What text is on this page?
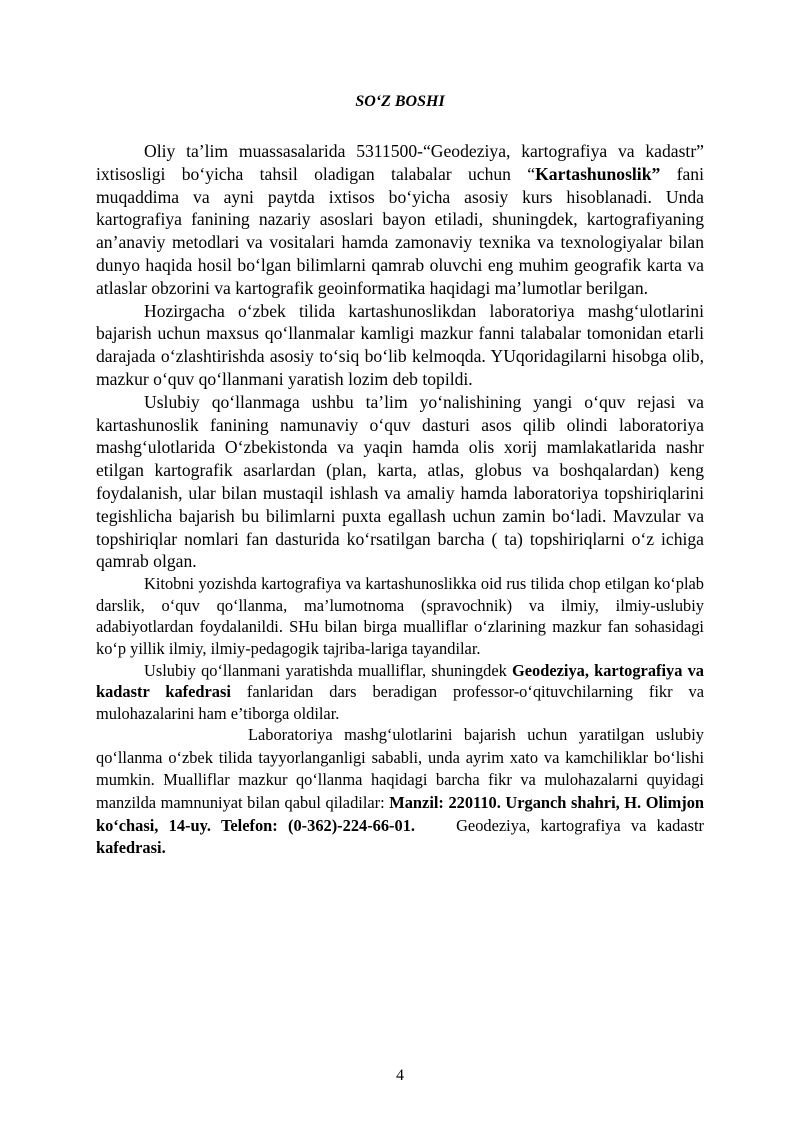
SO‘Z BOSHI

Oliy ta’lim muassasalarida 5311500-“Geodeziya, kartografiya va kadastr” ixtisosligi bo‘yicha tahsil oladigan talabalar uchun “Kartashunoslik” fani muqaddima va ayni paytda ixtisos bo‘yicha asosiy kurs hisoblanadi. Unda kartografiya fanining nazariy asoslari bayon etiladi, shuningdek, kartografiyaning an’anaviy metodlari va vositalari hamda zamonaviy texnika va texnologiyalar bilan dunyo haqida hosil bo‘lgan bilimlarni qamrab oluvchi eng muhim geografik karta va atlaslar obzorini va kartografik geoinformatika haqidagi ma’lumotlar berilgan.

Hozirgacha o‘zbek tilida kartashunoslikdan laboratoriya mashg‘ulotlarini bajarish uchun maxsus qo‘llanmalar kamligi mazkur fanni talabalar tomonidan etarli darajada o‘zlashtirishda asosiy to‘siq bo‘lib kelmoqda. YUqoridagilarni hisobga olib, mazkur o‘quv qo‘llanmani yaratish lozim deb topildi.

Uslubiy qo‘llanmaga ushbu ta’lim yo‘nalishining yangi o‘quv rejasi va kartashunoslik fanining namunaviy o‘quv dasturi asos qilib olindi laboratoriya mashg‘ulotlarida O‘zbekistonda va yaqin hamda olis xorij mamlakatlarida nashr etilgan kartografik asarlardan (plan, karta, atlas, globus va boshqalardan) keng foydalanish, ular bilan mustaqil ishlash va amaliy hamda laboratoriya topshiriqlarini tegishlicha bajarish bu bilimlarni puxta egallash uchun zamin bo‘ladi. Mavzular va topshiriqlar nomlari fan dasturida ko‘rsatilgan barcha ( ta) topshiriqlarni o‘z ichiga qamrab olgan.

Kitobni yozishda kartografiya va kartashunoslikka oid rus tilida chop etilgan ko‘plab darslik, o‘quv qo‘llanma, ma’lumotnoma (spravochnik) va ilmiy, ilmiy-uslubiy adabiyotlardan foydalanildi. SHu bilan birga mualliflar o‘zlarining mazkur fan sohasidagi ko‘p yillik ilmiy, ilmiy-pedagogik tajriba-lariga tayandilar.

Uslubiy qo‘llanmani yaratishda mualliflar, shuningdek Geodeziya, kartografiya va kadastr kafedrasi fanlaridan dars beradigan professor-o‘qituvchilarning fikr va mulohazalarini ham e’tiborga oldilar.

Laboratoriya mashg‘ulotlarini bajarish uchun yaratilgan uslubiy qo‘llanma o‘zbek tilida tayyorlanganligi sababli, unda ayrim xato va kamchiliklar bo‘lishi mumkin. Mualliflar mazkur qo‘llanma haqidagi barcha fikr va mulohazalarni quyidagi manzilda mamnuniyat bilan qabul qiladilar: Manzil: 220110. Urganch shahri, H. Olimjon ko‘chasi, 14-uy. Telefon: (0-362)-224-66-01.    Geodeziya, kartografiya va kadastr kafedrasi.

4
